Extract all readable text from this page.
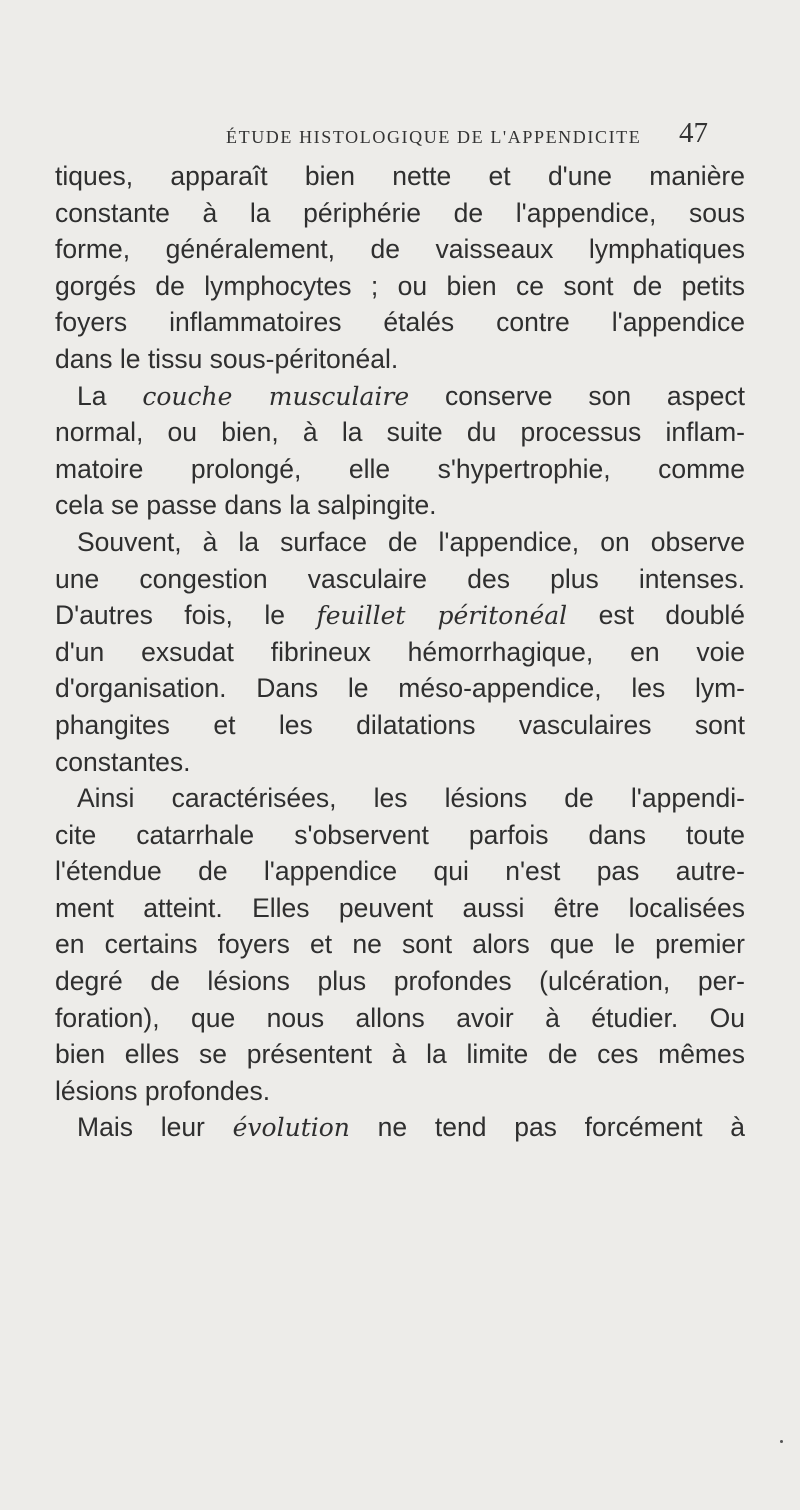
ÉTUDE HISTOLOGIQUE DE L'APPENDICITE 47
tiques, apparaît bien nette et d'une manière
constante à la périphérie de l'appendice, sous
forme, généralement, de vaisseaux lymphatiques
gorgés de lymphocytes ; ou bien ce sont de petits
foyers inflammatoires étalés contre l'appendice
dans le tissu sous-péritonéal.
La couche musculaire conserve son aspect
normal, ou bien, à la suite du processus inflam-
matoire prolongé, elle s'hypertrophie, comme
cela se passe dans la salpingite.
Souvent, à la surface de l'appendice, on observe
une congestion vasculaire des plus intenses.
D'autres fois, le feuillet péritonéal est doublé
d'un exsudat fibrineux hémorrhagique, en voie
d'organisation. Dans le méso-appendice, les lym-
phangites et les dilatations vasculaires sont
constantes.
Ainsi caractérisées, les lésions de l'appendi-
cite catarrhale s'observent parfois dans toute
l'étendue de l'appendice qui n'est pas autre-
ment atteint. Elles peuvent aussi être localisées
en certains foyers et ne sont alors que le premier
degré de lésions plus profondes (ulcération, per-
foration), que nous allons avoir à étudier. Ou
bien elles se présentent à la limite de ces mêmes
lésions profondes.
Mais leur évolution ne tend pas forcément à
